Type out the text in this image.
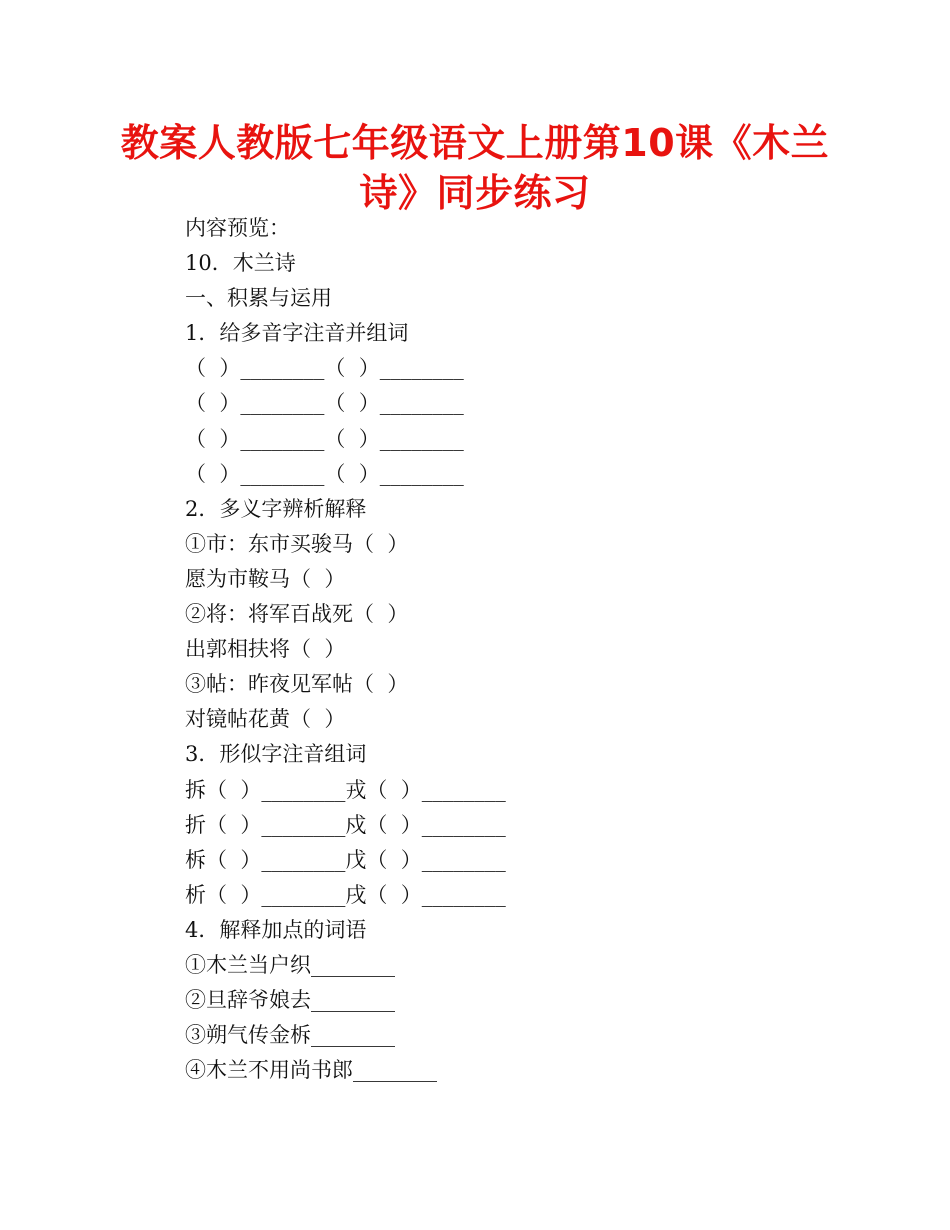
教案人教版七年级语文上册第10课《木兰
诗》同步练习
内容预览：
10．木兰诗
一、积累与运用
1．给多音字注音并组词
（  ）________（  ）________
（  ）________（  ）________
（  ）________（  ）________
（  ）________（  ）________
2．多义字辨析解释
①市：东市买骏马（  ）
愿为市鞍马（  ）
②将：将军百战死（  ）
出郭相扶将（  ）
③帖：昨夜见军帖（  ）
对镜帖花黄（  ）
3．形似字注音组词
拆（  ）________戎（  ）________
折（  ）________戍（  ）________
柝（  ）________戊（  ）________
析（  ）________戌（  ）________
4．解释加点的词语
①木兰当户织________
②旦辞爷娘去________
③朔气传金柝________
④木兰不用尚书郎________
